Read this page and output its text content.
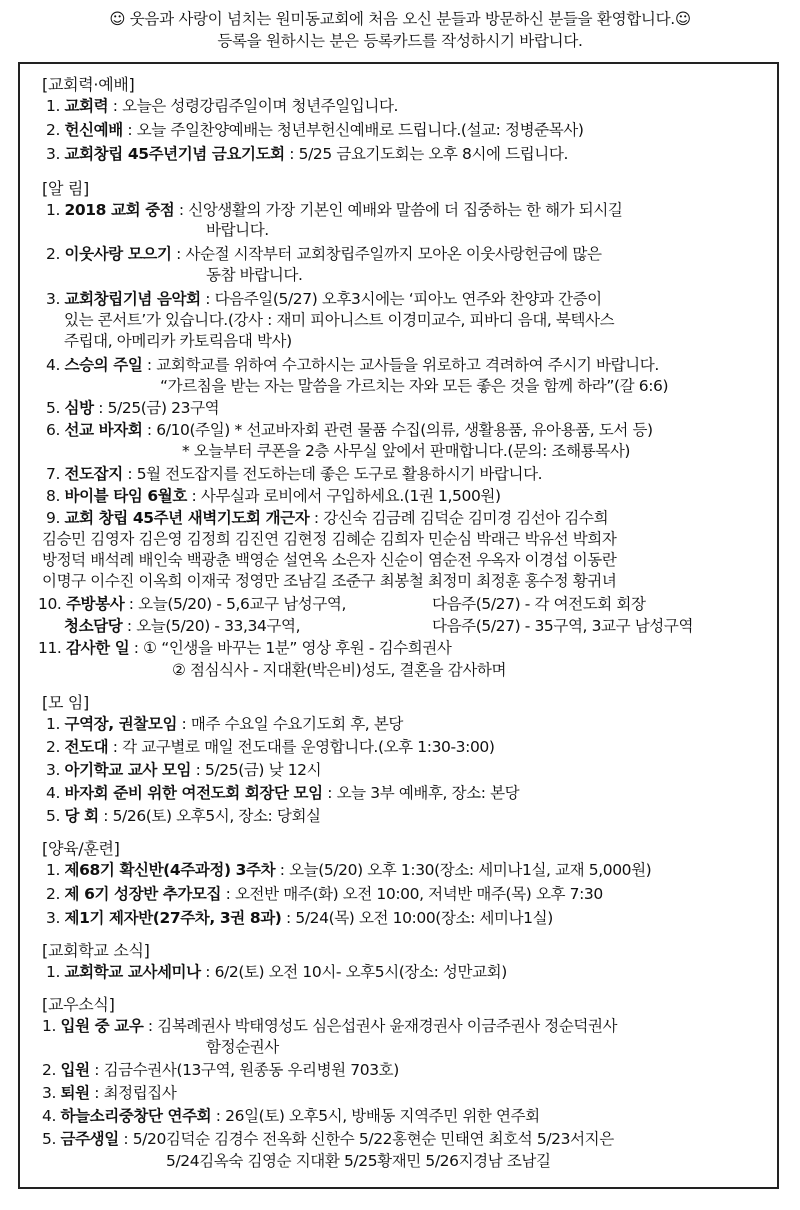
☺ 웃음과 사랑이 넘치는 원미동교회에 처음 오신 분들과 방문하신 분들을 환영합니다.☺
등록을 원하시는 분은 등록카드를 작성하시기 바랍니다.
[교회력·예배]
1. 교회력 : 오늘은 성령강림주일이며 청년주일입니다.
2. 헌신예배 : 오늘 주일찬양예배는 청년부헌신예배로 드립니다.(설교: 정병준목사)
3. 교회창립 45주년기념 금요기도회 : 5/25 금요기도회는 오후 8시에 드립니다.
[알 림]
1. 2018 교회 중점 : 신앙생활의 가장 기본인 예배와 말씀에 더 집중하는 한 해가 되시길
바랍니다.
2. 이웃사랑 모으기 : 사순절 시작부터 교회창립주일까지 모아온 이웃사랑헌금에 많은
동참 바랍니다.
3. 교회창립기념 음악회 : 다음주일(5/27) 오후3시에는 ‘피아노 연주와 찬양과 간증이
있는 콘서트’가 있습니다.(강사 : 재미 피아니스트 이경미교수, 피바디 음대, 북텍사스
주립대, 아메리카 카토릭음대 박사)
4. 스승의 주일 : 교회학교를 위하여 수고하시는 교사들을 위로하고 격려하여 주시기 바랍니다.
“가르침을 받는 자는 말씀을 가르치는 자와 모든 좋은 것을 함께 하라”(갈 6:6)
5. 심방 : 5/25(금) 23구역
6. 선교 바자회 : 6/10(주일) * 선교바자회 관련 물품 수집(의류, 생활용품, 유아용품, 도서 등)
* 오늘부터 쿠폰을 2층 사무실 앞에서 판매합니다.(문의: 조해룡목사)
7. 전도잡지 : 5월 전도잡지를 전도하는데 좋은 도구로 활용하시기 바랍니다.
8. 바이블 타임 6월호 : 사무실과 로비에서 구입하세요.(1권 1,500원)
9. 교회 창립 45주년 새벽기도회 개근자 : 강신숙 김금례 김덕순 김미경 김선아 김수희
김승민 김영자 김은영 김정희 김진연 김현정 김혜순 김희자 민순심 박래근 박유선 박희자
방정덕 배석례 배인숙 백광춘 백영순 설연옥 소은자 신순이 염순전 우옥자 이경섭 이동란
이명구 이수진 이옥희 이재국 정영만 조남길 조준구 최봉철 최정미 최정훈 홍수정 황귀녀
10. 주방봉사 : 오늘(5/20) - 5,6교구 남성구역,	다음주(5/27) - 각 여전도회 회장
청소담당 : 오늘(5/20) - 33,34구역,	다음주(5/27) - 35구역, 3교구 남성구역
11. 감사한 일 : ① “인생을 바꾸는 1분” 영상 후원 - 김수희권사
② 점심식사 - 지대환(박은비)성도, 결혼을 감사하며
[모 임]
1. 구역장, 권찰모임 : 매주 수요일 수요기도회 후, 본당
2. 전도대 : 각 교구별로 매일 전도대를 운영합니다.(오후 1:30-3:00)
3. 아기학교 교사 모임 : 5/25(금) 낮 12시
4. 바자회 준비 위한 여전도회 회장단 모임 : 오늘 3부 예배후, 장소: 본당
5. 당 회 : 5/26(토) 오후5시, 장소: 당회실
[양육/훈련]
1. 제68기 확신반(4주과정) 3주차 : 오늘(5/20) 오후 1:30(장소: 세미나1실, 교재 5,000원)
2. 제 6기 성장반 추가모집 : 오전반 매주(화) 오전 10:00, 저녁반 매주(목) 오후 7:30
3. 제1기 제자반(27주차, 3권 8과) : 5/24(목) 오전 10:00(장소: 세미나1실)
[교회학교 소식]
1. 교회학교 교사세미나 : 6/2(토) 오전 10시- 오후5시(장소: 성만교회)
[교우소식]
1. 입원 중 교우 : 김복례권사 박태영성도 심은섭권사 윤재경권사 이금주권사 정순덕권사
함정순권사
2. 입원 : 김금수권사(13구역, 원종동 우리병원 703호)
3. 퇴원 : 최정립집사
4. 하늘소리중창단 연주회 : 26일(토) 오후5시, 방배동 지역주민 위한 연주회
5. 금주생일 : 5/20김덕순 김경수 전옥화 신한수 5/22홍현순 민태연 최호석 5/23서지은
5/24김옥숙 김영순 지대환 5/25황재민 5/26지경남 조남길
